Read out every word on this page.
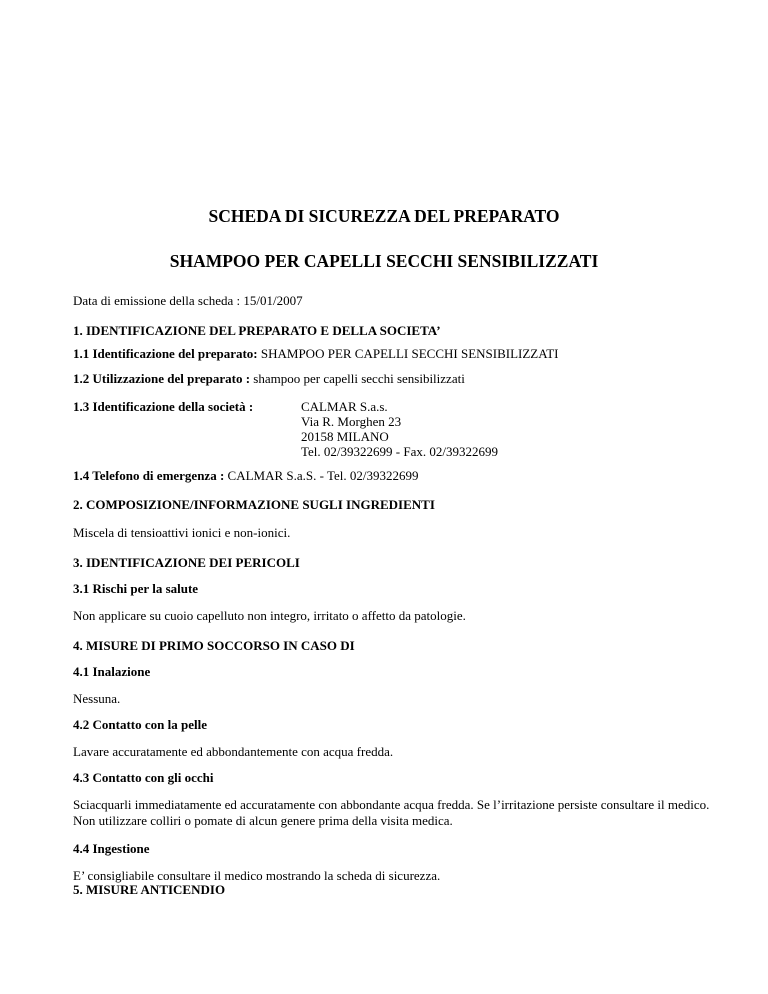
SCHEDA DI SICUREZZA DEL PREPARATO
SHAMPOO PER CAPELLI SECCHI SENSIBILIZZATI

Data di emissione della scheda : 15/01/2007

1. IDENTIFICAZIONE DEL PREPARATO E DELLA SOCIETA’

1.1 Identificazione del preparato: SHAMPOO PER CAPELLI SECCHI SENSIBILIZZATI

1.2 Utilizzazione del preparato : shampoo per capelli secchi sensibilizzati

1.3 Identificazione della società :	CALMAR S.a.s.
Via R. Morghen 23
20158 MILANO
Tel. 02/39322699 - Fax. 02/39322699

1.4 Telefono di emergenza : CALMAR S.a.S. - Tel. 02/39322699

2. COMPOSIZIONE/INFORMAZIONE SUGLI INGREDIENTI

Miscela di tensioattivi ionici e non-ionici.

3. IDENTIFICAZIONE DEI PERICOLI

3.1 Rischi per la salute

Non applicare su cuoio capelluto non integro, irritato o affetto da patologie.

4. MISURE DI PRIMO SOCCORSO IN CASO DI

4.1 Inalazione

Nessuna.

4.2 Contatto con la pelle

Lavare accuratamente ed abbondantemente con acqua fredda.

4.3 Contatto con gli occhi

Sciacquarli immediatamente ed accuratamente con abbondante acqua fredda. Se l’irritazione persiste consultare il medico. Non utilizzare colliri o pomate di alcun genere prima della visita medica.

4.4 Ingestione

E’ consigliabile consultare il medico mostrando la scheda di sicurezza.

5. MISURE ANTICENDIO
